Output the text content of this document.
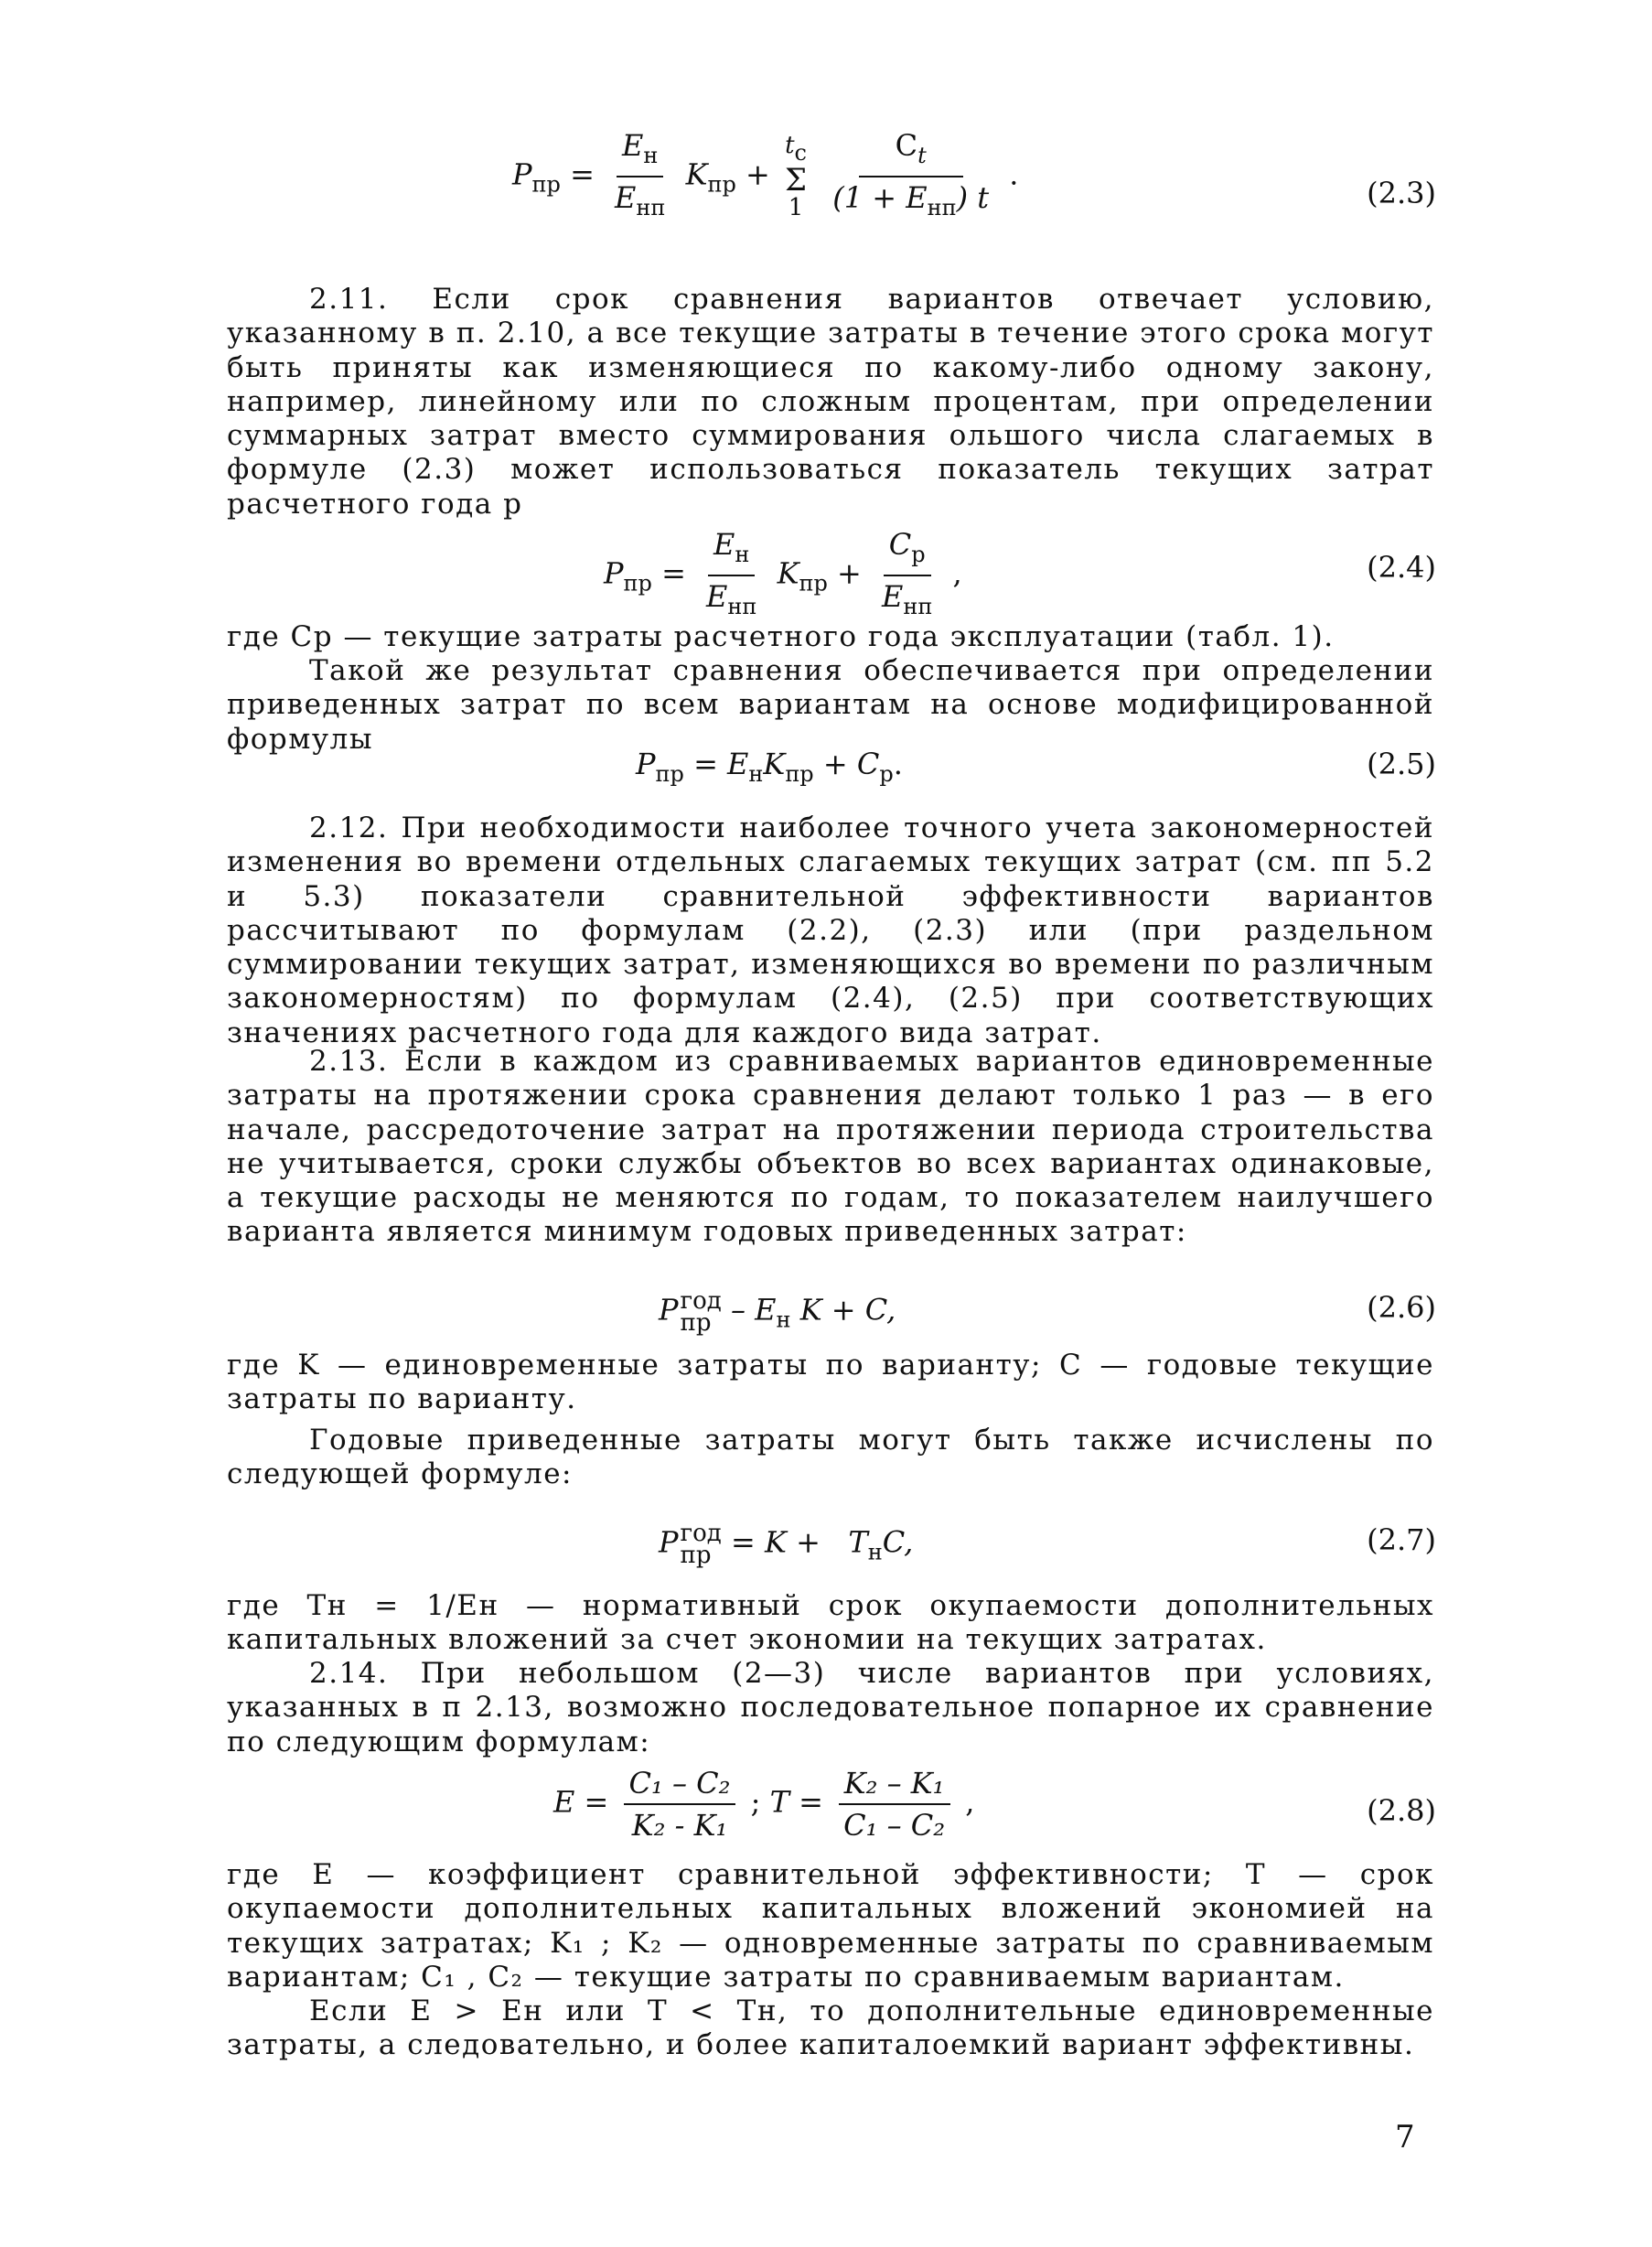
$P_{пр} = \frac{E_н}{E_{нп}} K_{пр}$ +
tс
Σ
1
$\frac{C_t}{(1 + E_{нп}) t}$ .
(2.3)

2.11. Если срок сравнения вариантов отвечает условию, указанному в п. 2.10, а все текущие затраты в течение этого срока могут быть приняты как изменяющиеся по какому-либо одному закону, например, линейному или по сложным процентам, при определении суммарных затрат вместо суммирования ольшого числа слагаемых в формуле (2.3) может использоваться показатель текущих затрат расчетного года р

$P_{пр} = \frac{E_н}{E_{нп}} K_{пр} + \frac{C_р}{E_{нп}}$ ,	(2.4)

где Cр — текущие затраты расчетного года эксплуатации (табл. 1).

Такой же результат сравнения обеспечивается при определении приведенных затрат по всем вариантам на основе модифицированной формулы

$P_{пр} = E_нK_{пр} + C_р$.	(2.5)

2.12. При необходимости наиболее точного учета закономерностей изменения во времени отдельных слагаемых текущих затрат (см. пп 5.2 и 5.3) показатели сравнительной эффективности вариантов рассчитывают по формулам (2.2), (2.3) или (при раздельном суммировании текущих затрат, изменяющихся во времени по различным закономерностям) по формулам (2.4), (2.5) при соответствующих значениях расчетного года для каждого вида затрат.

2.13. Если в каждом из сравниваемых вариантов единовременные затраты на протяжении срока сравнения делают только 1 раз — в его начале, рассредоточение затрат на протяжении периода строительства не учитывается, сроки службы объектов во всех вариантах одинаковые, а текущие расходы не меняются по годам, то показателем наилучшего варианта является минимум годовых приведенных затрат:

P год
пр – $E_н$ K + C,	(2.6)

где K — единовременные затраты по варианту; C — годовые текущие затраты по варианту.

Годовые приведенные затраты могут быть также исчислены по следующей формуле:

P год
пр = $K + T_нC$,	(2.7)

где Tн = 1/Eн — нормативный срок окупаемости дополнительных капитальных вложений за счет экономии на текущих затратах.

2.14. При небольшом (2—3) числе вариантов при условиях, указанных в п 2.13, возможно последовательное попарное их сравнение по следующим формулам:

$E = \frac{\text{C₁ – C₂}}{\text{K₂ - K₁}}$ ; $T = \frac{\text{K₂ – K₁}}{\text{C₁ – C₂}}$ ,	(2.8)

где E — коэффициент сравнительной эффективности; T — срок окупаемости дополнительных капитальных вложений экономией на текущих затратах; K₁ ; K₂ — одновременные затраты по сравниваемым вариантам; C₁ , C₂ — текущие затраты по сравниваемым вариантам.

Если E > Eн или T < Tн, то дополнительные единовременные затраты, а следовательно, и более капиталоемкий вариант эффективны.

7
